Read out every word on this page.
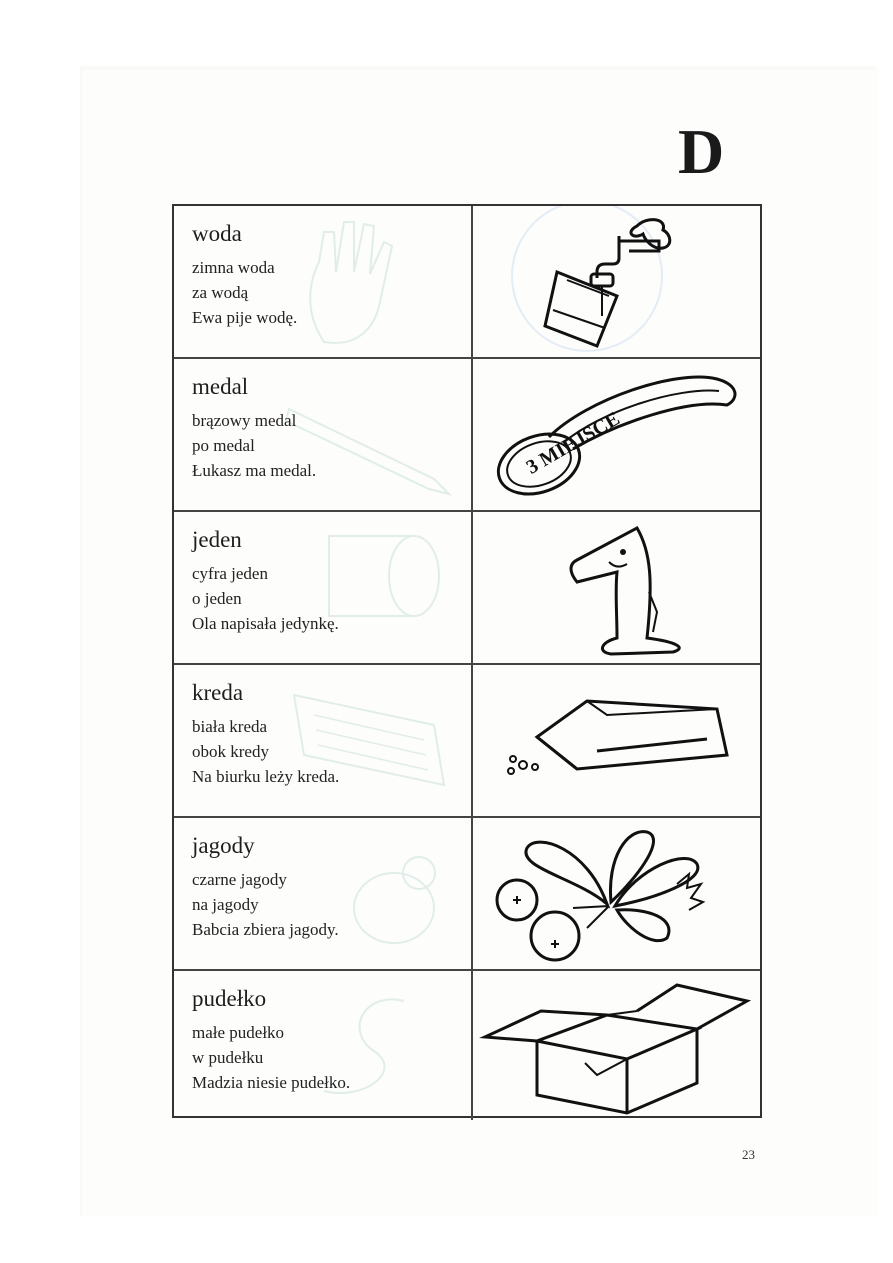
D
woda
zimna woda
za wodą
Ewa pije wodę.
medal
brązowy medal
po medal
Łukasz ma medal.	3 MIEJSCE
jeden
cyfra jeden
o jeden
Ola napisała jedynkę.
kreda
biała kreda
obok kredy
Na biurku leży kreda.
jagody
czarne jagody
na jagody
Babcia zbiera jagody.
pudełko
małe pudełko
w pudełku
Madzia niesie pudełko.
23
